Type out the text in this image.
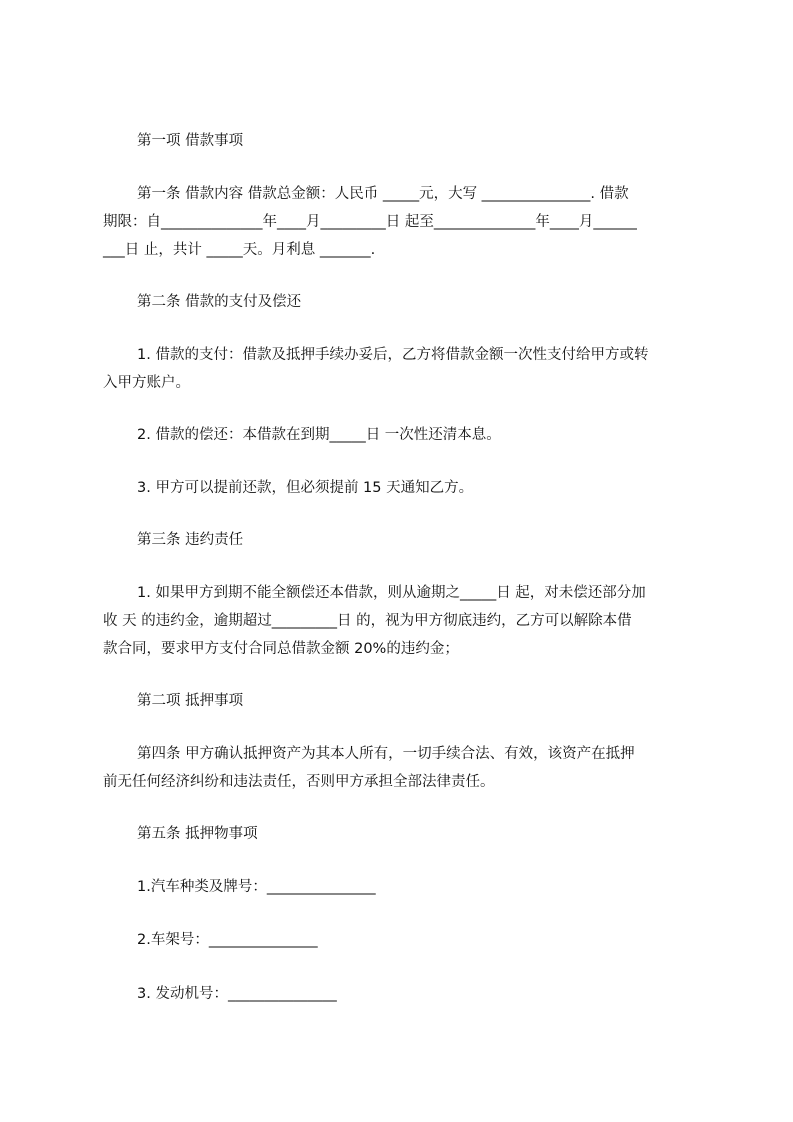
第一项 借款事项
第一条 借款内容 借款总金额：人民币 _____元，大写 _______________. 借款
期限：自______________年____月_________日 起至______________年____月______
___日 止，共计 _____天。月利息 _______.
第二条 借款的支付及偿还
1. 借款的支付：借款及抵押手续办妥后，乙方将借款金额一次性支付给甲方或转
入甲方账户。
2. 借款的偿还：本借款在到期_____日 一次性还清本息。
3. 甲方可以提前还款，但必须提前 15 天通知乙方。
第三条 违约责任
1. 如果甲方到期不能全额偿还本借款，则从逾期之_____日 起，对未偿还部分加
收 天 的违约金，逾期超过_________日 的，视为甲方彻底违约，乙方可以解除本借
款合同，要求甲方支付合同总借款金额 20%的违约金；
第二项 抵押事项
第四条 甲方确认抵押资产为其本人所有，一切手续合法、有效，该资产在抵押
前无任何经济纠纷和违法责任，否则甲方承担全部法律责任。
第五条 抵押物事项
1.汽车种类及牌号：_______________
2.车架号：_______________
3. 发动机号：_______________
